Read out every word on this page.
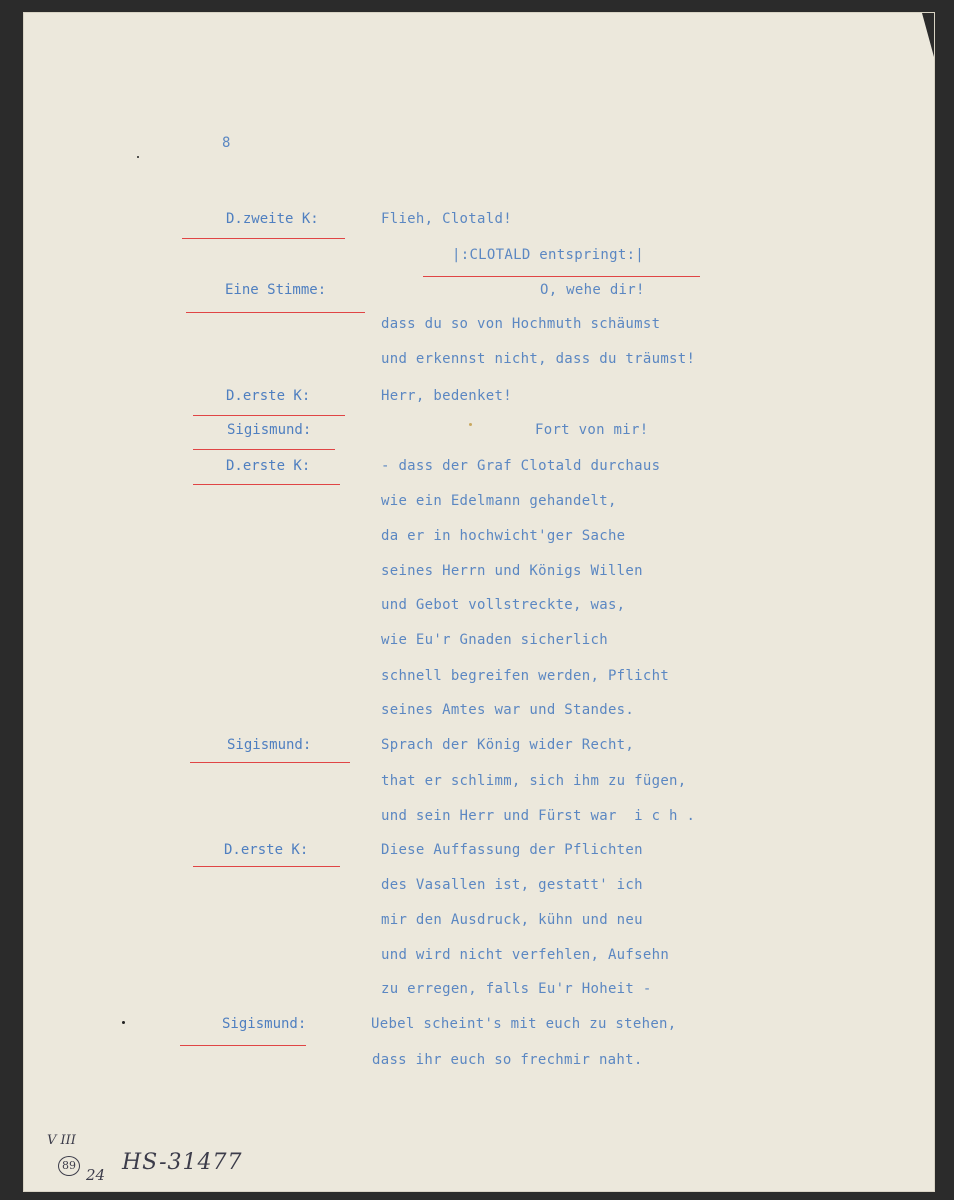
8
D.zweite K:	Flieh, Clotald!
|:CLOTALD entspringt:|
Eine Stimme:	O, wehe dir!
dass du so von Hochmuth schäumst
und erkennst nicht, dass du träumst!
D.erste K:	Herr, bedenket!
Sigismund:	Fort von mir!
D.erste K:	- dass der Graf Clotald durchaus
wie ein Edelmann gehandelt,
da er in hochwicht'ger Sache
seines Herrn und Königs Willen
und Gebot vollstreckte, was,
wie Eu'r Gnaden sicherlich
schnell begreifen werden, Pflicht
seines Amtes war und Standes.
Sigismund:	Sprach der König wider Recht,
that er schlimm, sich ihm zu fügen,
und sein Herr und Fürst war  i c h .
D.erste K:	Diese Auffassung der Pflichten
des Vasallen ist, gestatt' ich
mir den Ausdruck, kühn und neu
und wird nicht verfehlen, Aufsehn
zu erregen, falls Eu'r Hoheit -
Sigismund:	Uebel scheint's mit euch zu stehen,
dass ihr euch so frechmir naht.
V III
89
24 HS-31477
